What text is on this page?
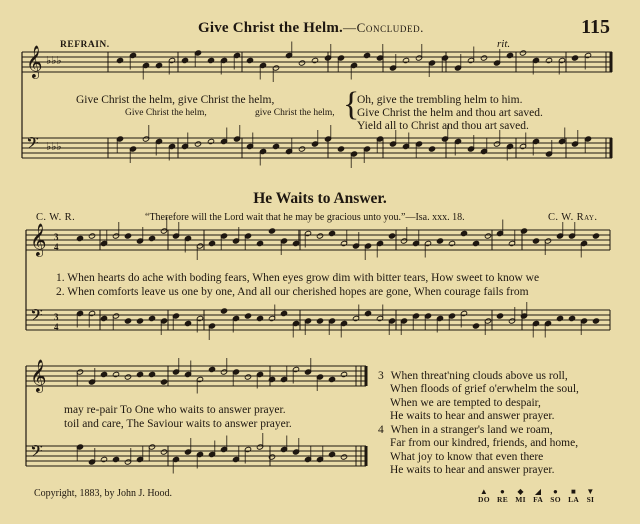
𝄞 ♭♭♭
𝄢 ♭♭♭
𝄞 3
4
𝄢 3
4
𝄞
𝄢
Give Christ the Helm.—Concluded.	115
REFRAIN.	rit.
Give Christ the helm, give Christ the helm,	Oh, give the trembling helm to him.
Give Christ the helm,	give Christ the helm, Give Christ the helm and thou art saved.
Yield all to Christ and thou art saved.
{
He Waits to Answer.
C. W. R.	“Therefore will the Lord wait that he may be gracious unto you.”—Isa. xxx. 18.	C. W. Ray.
1. When hearts do ache with boding fears, When eyes grow dim with bitter tears, How sweet to know we
2. When comforts leave us one by one, And all our cherished hopes are gone, When courage fails from
may re-pair To One who waits to answer prayer.
toil and care, The Saviour waits to answer prayer.
3 When threat'ning clouds above us roll,
When floods of grief o'erwhelm the soul,
When we are tempted to despair,
He waits to hear and answer prayer.
4 When in a stranger's land we roam,
Far from our kindred, friends, and home,
What joy to know that even there
He waits to hear and answer prayer.
Copyright, 1883, by John J. Hood.	▲
DO
●
RE
◆
MI
◢
FA
●
SO
■
LA
▼
SI
